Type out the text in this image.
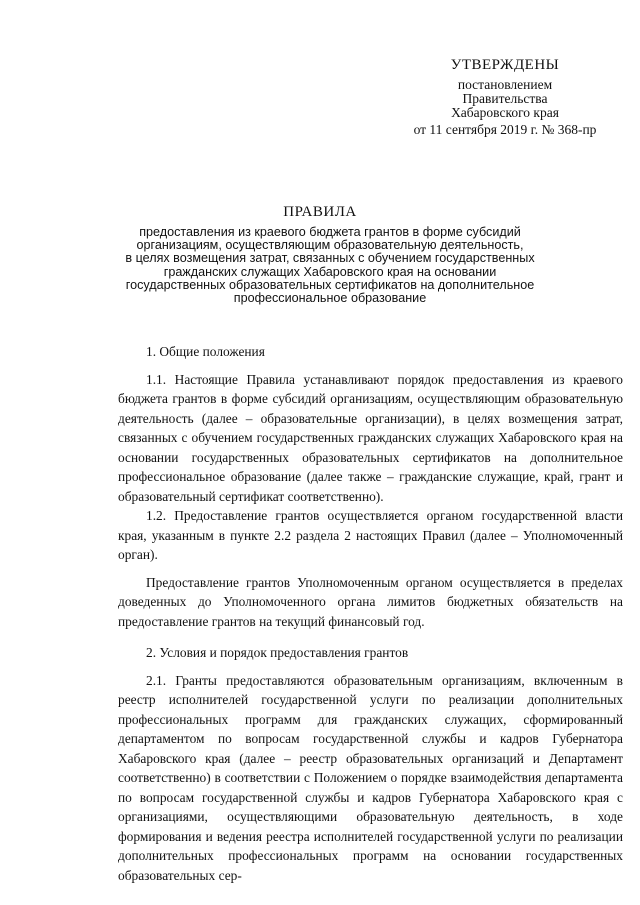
УТВЕРЖДЕНЫ
постановлением
Правительства
Хабаровского края
от 11 сентября 2019 г. № 368-пр
ПРАВИЛА
предоставления из краевого бюджета грантов в форме субсидий
организациям, осуществляющим образовательную деятельность,
в целях возмещения затрат, связанных с обучением государственных
гражданских служащих Хабаровского края на основании
государственных образовательных сертификатов на дополнительное
профессиональное образование

1. Общие положения

1.1. Настоящие Правила устанавливают порядок предоставления из краевого бюджета грантов в форме субсидий организациям, осуществляющим образовательную деятельность (далее – образовательные организации), в целях возмещения затрат, связанных с обучением государственных гражданских служащих Хабаровского края на основании государственных образовательных сертификатов на дополнительное профессиональное образование (далее также – гражданские служащие, край, грант и образовательный сертификат соответственно).

1.2. Предоставление грантов осуществляется органом государственной власти края, указанным в пункте 2.2 раздела 2 настоящих Правил (далее – Уполномоченный орган).

Предоставление грантов Уполномоченным органом осуществляется в пределах доведенных до Уполномоченного органа лимитов бюджетных обязательств на предоставление грантов на текущий финансовый год.

2. Условия и порядок предоставления грантов

2.1. Гранты предоставляются образовательным организациям, включенным в реестр исполнителей государственной услуги по реализации дополнительных профессиональных программ для гражданских служащих, сформированный департаментом по вопросам государственной службы и кадров Губернатора Хабаровского края (далее – реестр образовательных организаций и Департамент соответственно) в соответствии с Положением о порядке взаимодействия департамента по вопросам государственной службы и кадров Губернатора Хабаровского края с организациями, осуществляющими образовательную деятельность, в ходе формирования и ведения реестра исполнителей государственной услуги по реализации дополнительных профессиональных программ на основании государственных образовательных сер-
